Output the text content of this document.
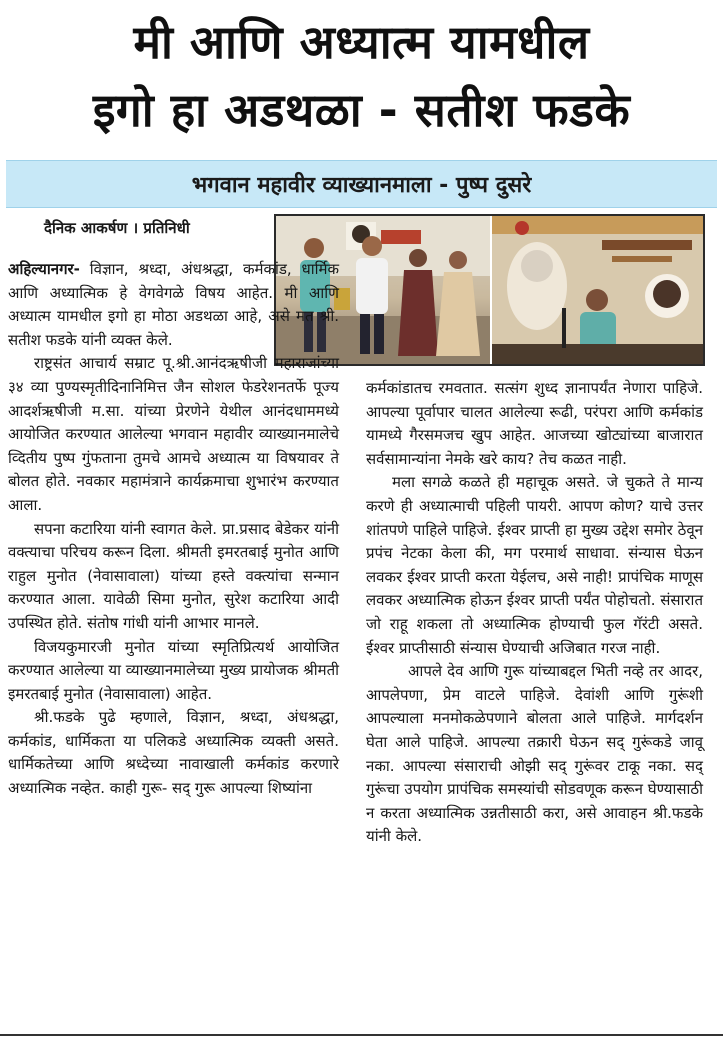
मी आणि अध्यात्म यामधील
इगो हा अडथळा - सतीश फडके
भगवान महावीर व्याख्यानमाला - पुष्प दुसरे
दैनिक आकर्षण । प्रतिनिधी

अहिल्यानगर- विज्ञान, श्रध्दा, अंधश्रद्धा, कर्मकांड, धार्मिक आणि अध्यात्मिक हे वेगवेगळे विषय आहेत. मी आणि अध्यात्म यामधील इगो हा मोठा अडथळा आहे, असे मत श्री. सतीश फडके यांनी व्यक्त केले.

राष्ट्रसंत आचार्य सम्राट पू.श्री.आनंदऋषीजी महाराजांच्या ३४ व्या पुण्यस्मृतीदिनानिमित्त जैन सोशल फेडरेशनतर्फे पूज्य आदर्शऋषीजी म.सा. यांच्या प्रेरणेने येथील आनंदधाममध्ये आयोजित करण्यात आलेल्या भगवान महावीर व्याख्यानमालेचे व्दितीय पुष्प गुंफताना तुमचे आमचे अध्यात्म या विषयावर ते बोलत होते. नवकार महामंत्राने कार्यक्रमाचा शुभारंभ करण्यात आला.

सपना कटारिया यांनी स्वागत केले. प्रा.प्रसाद बेडेकर यांनी वक्त्याचा परिचय करून दिला. श्रीमती इमरतबाई मुनोत आणि राहुल मुनोत (नेवासावाला) यांच्या हस्ते वक्त्यांचा सन्मान करण्यात आला. यावेळी सिमा मुनोत, सुरेश कटारिया आदी उपस्थित होते. संतोष गांधी यांनी आभार मानले.

विजयकुमारजी मुनोत यांच्या स्मृतिप्रित्यर्थ आयोजित करण्यात आलेल्या या व्याख्यानमालेच्या मुख्य प्रायोजक श्रीमती इमरतबाई मुनोत (नेवासावाला) आहेत.

श्री.फडके पुढे म्हणाले, विज्ञान, श्रध्दा, अंधश्रद्धा, कर्मकांड, धार्मिकता या पलिकडे अध्यात्मिक व्यक्ती असते. धार्मिकतेच्या आणि श्रध्देच्या नावाखाली कर्मकांड करणारे अध्यात्मिक नव्हेत. काही गुरू- सद् गुरू आपल्या शिष्यांना

कर्मकांडातच रमवतात. सत्संग शुध्द ज्ञानापर्यंत नेणारा पाहिजे. आपल्या पूर्वापार चालत आलेल्या रूढी, परंपरा आणि कर्मकांड यामध्ये गैरसमजच खुप आहेत. आजच्या खोट्यांच्या बाजारात सर्वसामान्यांना नेमके खरे काय? तेच कळत नाही.

मला सगळे कळते ही महाचूक असते. जे चुकते ते मान्य करणे ही अध्यात्माची पहिली पायरी. आपण कोण? याचे उत्तर शांतपणे पाहिले पाहिजे. ईश्वर प्राप्ती हा मुख्य उद्देश समोर ठेवून प्रपंच नेटका केला की, मग परमार्थ साधावा. संन्यास घेऊन लवकर ईश्वर प्राप्ती करता येईलच, असे नाही! प्रापंचिक माणूस लवकर अध्यात्मिक होऊन ईश्वर प्राप्ती पर्यंत पोहोचतो. संसारात जो राहू शकला तो अध्यात्मिक होण्याची फुल गॅरंटी असते. ईश्वर प्राप्तीसाठी संन्यास घेण्याची अजिबात गरज नाही.

आपले देव आणि गुरू यांच्याबद्दल भिती नव्हे तर आदर, आपलेपणा, प्रेम वाटले पाहिजे. देवांशी आणि गुरूंशी आपल्याला मनमोकळेपणाने बोलता आले पाहिजे. मार्गदर्शन घेता आले पाहिजे. आपल्या तक्रारी घेऊन सद् गुरूंकडे जावू नका. आपल्या संसाराची ओझी सद् गुरूंवर टाकू नका. सद् गुरूंचा उपयोग प्रापंचिक समस्यांची सोडवणूक करून घेण्यासाठी न करता अध्यात्मिक उन्नतीसाठी करा, असे आवाहन श्री.फडके यांनी केले.
